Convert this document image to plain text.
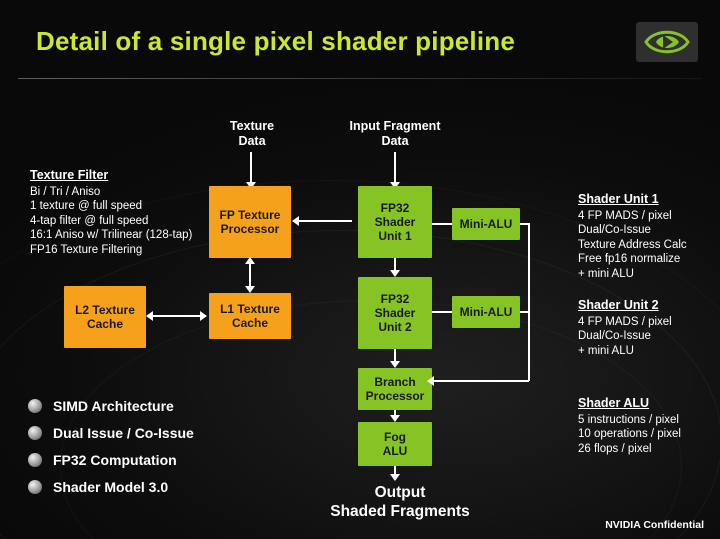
Detail of a single pixel shader pipeline
Texture
Data
Input Fragment
Data
FP Texture
Processor
L2 Texture
Cache
L1 Texture
Cache
FP32
Shader
Unit 1
Mini-ALU
FP32
Shader
Unit 2
Mini-ALU
Branch
Processor
Fog
ALU
Texture Filter
Bi / Tri / Aniso
1 texture @ full speed
4-tap filter @ full speed
16:1 Aniso w/ Trilinear (128-tap)
FP16 Texture Filtering
Shader Unit 1
4 FP MADS / pixel
Dual/Co-Issue
Texture Address Calc
Free fp16 normalize
+ mini ALU
Shader Unit 2
4 FP MADS / pixel
Dual/Co-Issue
+ mini ALU
Shader ALU
5 instructions / pixel
10 operations / pixel
26 flops / pixel
SIMD Architecture
Dual Issue / Co-Issue
FP32 Computation
Shader Model 3.0	Output
Shaded Fragments
NVIDIA Confidential
